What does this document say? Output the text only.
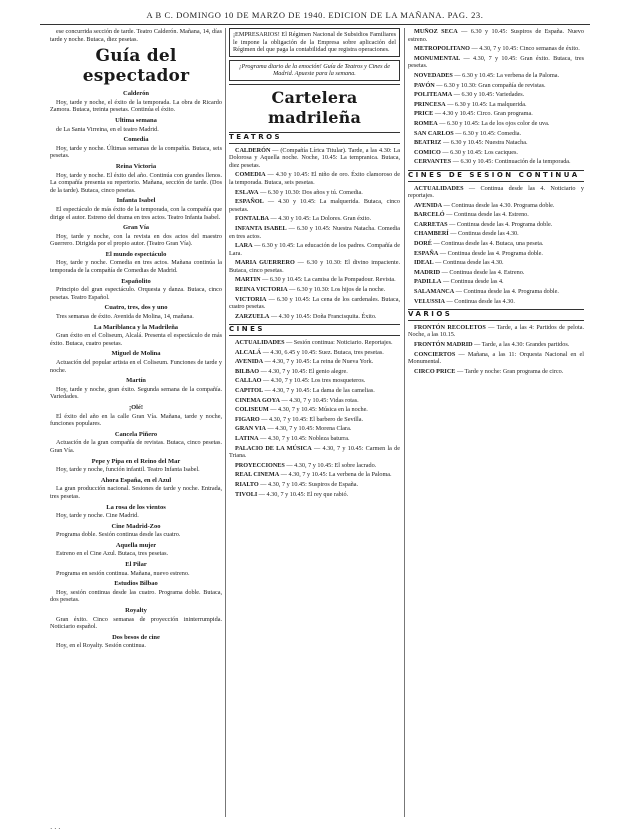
A B C. DOMINGO 10 DE MARZO DE 1940. EDICION DE LA MAÑANA. PAG. 23.
ese concurrida sección de tarde. Teatro Calderón. Mañana, 14, días tarde y noche. Butaca, diez pesetas.
Guía del espectador
Calderón
Hoy, tarde y noche, el éxito de la temporada. La obra de Ricardo Zamora. Butaca, treinta pesetas. Continúa el éxito.
Ultima semana
de La Santa Virreina, en el teatro Madrid.
Comedia
Hoy, tarde y noche. Últimas semanas de la compañía. Butaca, seis pesetas.
Reina Victoria
Hoy, tarde y noche. El éxito del año. Continúa con grandes llenos. La compañía presenta su repertorio. Mañana, sección de tarde. (Dos de la tarde). Butaca, cinco pesetas.
Infanta Isabel
El espectáculo de más éxito de la temporada, con la compañía que dirige el autor. Estreno del drama en tres actos. Teatro Infanta Isabel.
Gran Vía
Hoy, tarde y noche, con la revista en dos actos del maestro Guerrero. Dirigida por el propio autor. (Teatro Gran Vía).
El mundo espectáculo
Hoy, tarde y noche. Comedia en tres actos. Mañana continúa la temporada de la compañía de Comedias de Madrid.
Españolito
Principio del gran espectáculo. Orquesta y danza. Butaca, cinco pesetas. Teatro Español.
Cuatro, tres, dos y uno
Tres semanas de éxito. Avenida de Molina, 14, mañana.
La Mariblanca y la Madrileña
Gran éxito en el Coliseum, Alcalá. Presenta el espectáculo de más éxito. Butaca, cuatro pesetas.
Miguel de Molina
Actuación del popular artista en el Coliseum. Funciones de tarde y noche.
Martín
Hoy, tarde y noche, gran éxito. Segunda semana de la compañía. Variedades.
¡Olé!
El éxito del año en la calle Gran Vía. Mañana, tarde y noche, funciones populares.
Cancela Piñero
Actuación de la gran compañía de revistas. Butaca, cinco pesetas. Gran Vía.
Pepe y Pipa en el Reino del Mar
Hoy, tarde y noche, función infantil. Teatro Infanta Isabel.
Ahora España, en el Azul
La gran producción nacional. Sesiones de tarde y noche. Entrada, tres pesetas.
La rosa de los vientos
Hoy, tarde y noche. Cine Madrid.
Cine Madrid-Zoo
Programa doble. Sesión continua desde las cuatro.
Aquella mujer
Estreno en el Cine Azul. Butaca, tres pesetas.
El Pilar
Programa en sesión continua. Mañana, nuevo estreno.
Estudios Bilbao
Hoy, sesión continua desde las cuatro. Programa doble. Butaca, dos pesetas.
Royalty
Gran éxito. Cinco semanas de proyección ininterrumpida. Noticiario español.
Dos besos de cine
Hoy, en el Royalty. Sesión continua.
¡EMPRESARIOS! El Régimen Nacional de Subsidios Familiares le impone la obligación de la Empresa sobre aplicación del Régimen del que paga la contabilidad que registra operaciones.
¡Programa diario de la emoción! Guía de Teatros y Cines de Madrid. Apueste para la semana.
Cartelera madrileña
TEATROS
CALDERÓN — (Compañía Lírica Titular). Tarde, a las 4.30: La Dolorosa y Aquella noche. Noche, 10.45: La tempranica. Butaca, diez pesetas.
COMEDIA — 4.30 y 10.45: El niño de oro. Éxito clamoroso de la temporada. Butaca, seis pesetas.
ESLAVA — 6.30 y 10.30: Dos años y tú. Comedia.
ESPAÑOL — 4.30 y 10.45: La malquerida. Butaca, cinco pesetas.
FONTALBA — 4.30 y 10.45: La Dolores. Gran éxito.
INFANTA ISABEL — 6.30 y 10.45: Nuestra Natacha. Comedia en tres actos.
LARA — 6.30 y 10.45: La educación de los padres. Compañía de Lara.
MARIA GUERRERO — 6.30 y 10.30: El divino impaciente. Butaca, cinco pesetas.
MARTIN — 6.30 y 10.45: La camisa de la Pompadour. Revista.
REINA VICTORIA — 6.30 y 10.30: Los hijos de la noche.
VICTORIA — 6.30 y 10.45: La cena de los cardenales. Butaca, cuatro pesetas.
ZARZUELA — 4.30 y 10.45: Doña Francisquita. Éxito.
CINES
ACTUALIDADES — Sesión continua: Noticiario. Reportajes.
ALCALÁ — 4.30, 6.45 y 10.45: Suez. Butaca, tres pesetas.
AVENIDA — 4.30, 7 y 10.45: La reina de Nueva York.
BILBAO — 4.30, 7 y 10.45: El genio alegre.
CALLAO — 4.30, 7 y 10.45: Los tres mosqueteros.
CAPITOL — 4.30, 7 y 10.45: La dama de las camelias.
CINEMA GOYA — 4.30, 7 y 10.45: Vidas rotas.
COLISEUM — 4.30, 7 y 10.45: Música en la noche.
FIGARO — 4.30, 7 y 10.45: El barbero de Sevilla.
GRAN VIA — 4.30, 7 y 10.45: Morena Clara.
LATINA — 4.30, 7 y 10.45: Nobleza baturra.
PALACIO DE LA MÚSICA — 4.30, 7 y 10.45: Carmen la de Triana.
PROYECCIONES — 4.30, 7 y 10.45: El sobre lacrado.
REAL CINEMA — 4.30, 7 y 10.45: La verbena de la Paloma.
RIALTO — 4.30, 7 y 10.45: Suspiros de España.
TIVOLI — 4.30, 7 y 10.45: El rey que rabió.
MUÑOZ SECA — 6.30 y 10.45: Suspiros de España. Nuevo estreno.
METROPOLITANO — 4.30, 7 y 10.45: Cinco semanas de éxito.
MONUMENTAL — 4.30, 7 y 10.45: Gran éxito. Butaca, tres pesetas.
NOVEDADES — 6.30 y 10.45: La verbena de la Paloma.
PAVÓN — 6.30 y 10.30: Gran compañía de revistas.
POLITEAMA — 6.30 y 10.45: Variedades.
PRINCESA — 6.30 y 10.45: La malquerida.
PRICE — 4.30 y 10.45: Circo. Gran programa.
ROMEA — 6.30 y 10.45: La de los ojos color de uva.
SAN CARLOS — 6.30 y 10.45: Comedia.
BEATRIZ — 6.30 y 10.45: Nuestra Natacha.
COMICO — 6.30 y 10.45: Los caciques.
CERVANTES — 6.30 y 10.45: Continuación de la temporada.
CINES DE SESION CONTINUA
ACTUALIDADES — Continua desde las 4. Noticiario y reportajes.
AVENIDA — Continua desde las 4.30. Programa doble.
BARCELÓ — Continua desde las 4. Estreno.
CARRETAS — Continua desde las 4. Programa doble.
CHAMBERÍ — Continua desde las 4.30.
DORÉ — Continua desde las 4. Butaca, una peseta.
ESPAÑA — Continua desde las 4. Programa doble.
IDEAL — Continua desde las 4.30.
MADRID — Continua desde las 4. Estreno.
PADILLA — Continua desde las 4.
SALAMANCA — Continua desde las 4. Programa doble.
VELUSSIA — Continua desde las 4.30.
VARIOS
FRONTÓN RECOLETOS — Tarde, a las 4: Partidos de pelota. Noche, a las 10.15.
FRONTÓN MADRID — Tarde, a las 4.30: Grandes partidos.
CONCIERTOS — Mañana, a las 11: Orquesta Nacional en el Monumental.
CIRCO PRICE — Tarde y noche: Gran programa de circo.
· · ·
